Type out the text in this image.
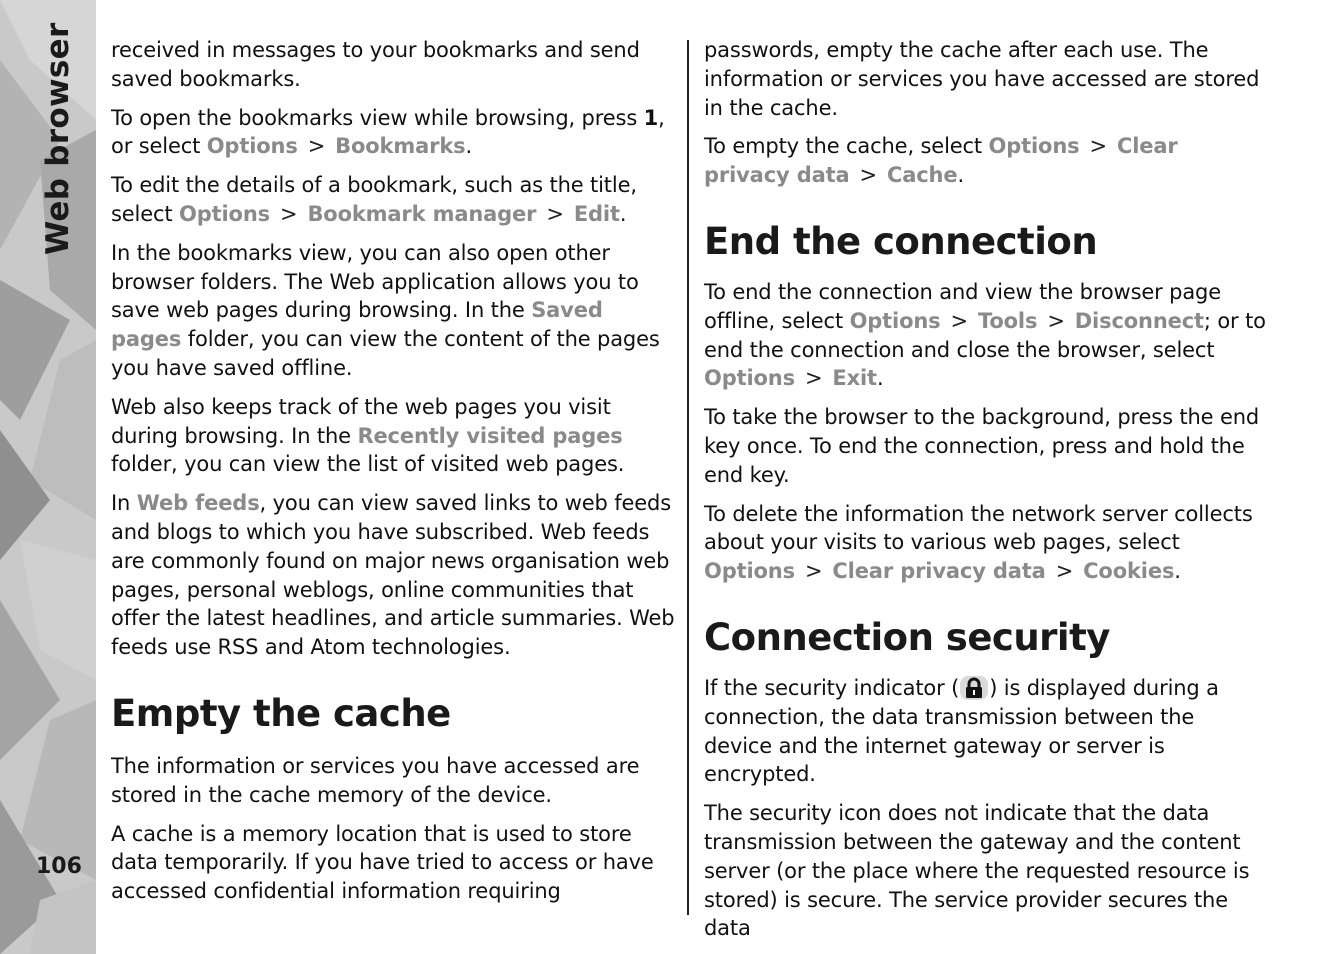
Web browser
106

received in messages to your bookmarks and send saved bookmarks.

To open the bookmarks view while browsing, press 1, or select Options > Bookmarks.

To edit the details of a bookmark, such as the title, select Options > Bookmark manager > Edit.

In the bookmarks view, you can also open other browser folders. The Web application allows you to save web pages during browsing. In the Saved pages folder, you can view the content of the pages you have saved offline.

Web also keeps track of the web pages you visit during browsing. In the Recently visited pages folder, you can view the list of visited web pages.

In Web feeds, you can view saved links to web feeds and blogs to which you have subscribed. Web feeds are commonly found on major news organisation web pages, personal weblogs, online communities that offer the latest headlines, and article summaries. Web feeds use RSS and Atom technologies.

Empty the cache

The information or services you have accessed are stored in the cache memory of the device.

A cache is a memory location that is used to store data temporarily. If you have tried to access or have accessed confidential information requiring

passwords, empty the cache after each use. The information or services you have accessed are stored in the cache.

To empty the cache, select Options > Clear privacy data > Cache.

End the connection

To end the connection and view the browser page offline, select Options > Tools > Disconnect; or to end the connection and close the browser, select Options > Exit.

To take the browser to the background, press the end key once. To end the connection, press and hold the end key.

To delete the information the network server collects about your visits to various web pages, select Options > Clear privacy data > Cookies.

Connection security

If the security indicator ( ) is displayed during a connection, the data transmission between the device and the internet gateway or server is encrypted.

The security icon does not indicate that the data transmission between the gateway and the content server (or the place where the requested resource is stored) is secure. The service provider secures the data
